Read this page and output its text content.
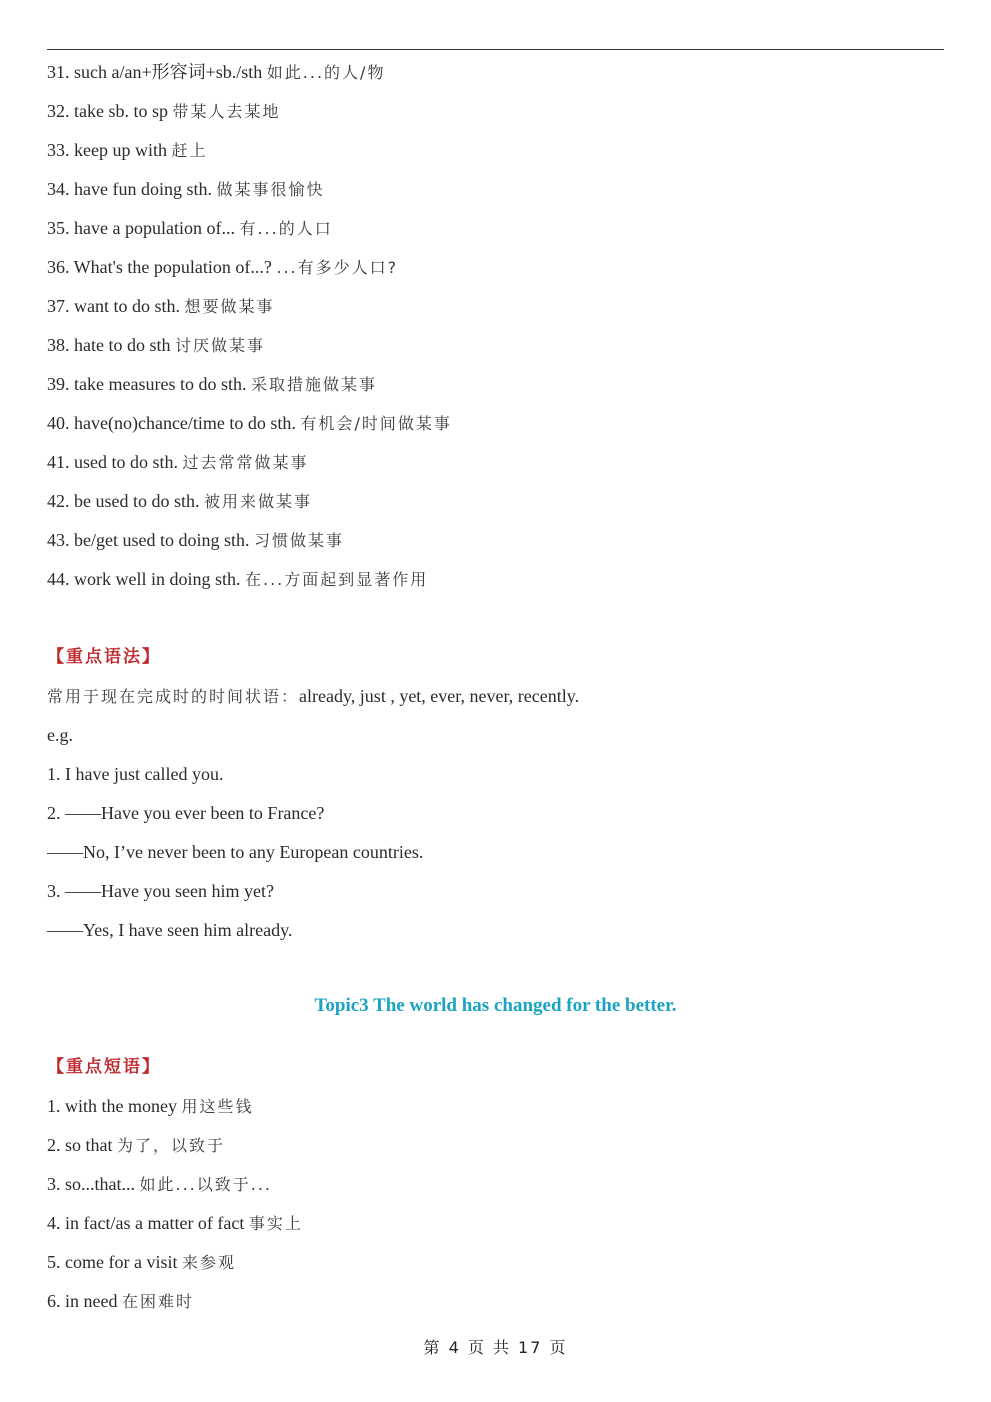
31. such a/an+形容词+sb./sth 如此...的人/物
32. take sb. to sp 带某人去某地
33. keep up with 赶上
34. have fun doing sth. 做某事很愉快
35. have a population of... 有...的人口
36. What's the population of...? ...有多少人口?
37. want to do sth. 想要做某事
38. hate to do sth 讨厌做某事
39. take measures to do sth. 采取措施做某事
40. have(no)chance/time to do sth. 有机会/时间做某事
41. used to do sth. 过去常常做某事
42. be used to do sth. 被用来做某事
43. be/get used to doing sth. 习惯做某事
44. work well in doing sth. 在...方面起到显著作用
【重点语法】
常用于现在完成时的时间状语：already, just , yet, ever, never, recently.
e.g.
1. I have just called you.
2. ——Have you ever been to France?
——No, I’ve never been to any European countries.
3. ——Have you seen him yet?
——Yes, I have seen him already.
Topic3 The world has changed for the better.
【重点短语】
1. with the money 用这些钱
2. so that 为了，以致于
3. so...that... 如此...以致于...
4. in fact/as a matter of fact 事实上
5. come for a visit 来参观
6. in need 在困难时
第 4 页 共 17 页
